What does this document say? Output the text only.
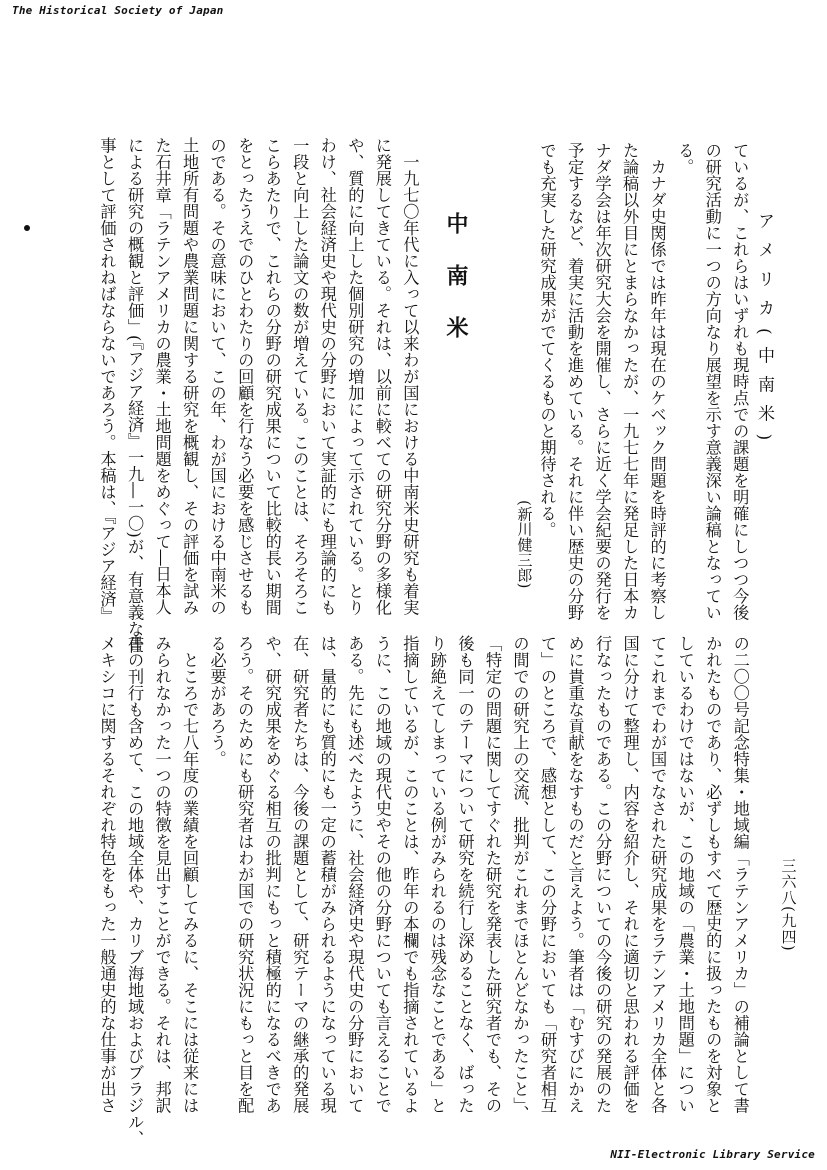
The Historical Society of Japan
NII-Electronic Library Service
アメリカ(中南米)
ているが、これらはいずれも現時点での課題を明確にしつつ今後
の研究活動に一つの方向なり展望を示す意義深い論稿となってい
る。
　カナダ史関係では昨年は現在のケベック問題を時評的に考察し
た論稿以外目にとまらなかったが、一九七七年に発足した日本カ
ナダ学会は年次研究大会を開催し、さらに近く学会紀要の発行を
予定するなど、着実に活動を進めている。それに伴い歴史の分野
でも充実した研究成果がでてくるものと期待される。
(新川健三郎)
中　南　米
　一九七〇年代に入って以来わが国における中南米史研究も着実
に発展してきている。それは、以前に較べての研究分野の多様化
や、質的に向上した個別研究の増加によって示されている。とり
わけ、社会経済史や現代史の分野において実証的にも理論的にも
一段と向上した論文の数が増えている。このことは、そろそろこ
こらあたりで、これらの分野の研究成果について比較的長い期間
をとったうえでのひとわたりの回顧を行なう必要を感じさせるも
のである。その意味において、この年、わが国における中南米の
土地所有問題や農業問題に関する研究を概観し、その評価を試み
た石井章「ラテンアメリカの農業・土地問題をめぐって―日本人
による研究の概観と評価」(『アジア経済』一九―一〇)が、有意義な仕
事として評価されねばならないであろう。本稿は、『アジア経済』
三六八(九四)
の二〇〇号記念特集・地域編「ラテンアメリカ」の補論として書
かれたものであり、必ずしもすべて歴史的に扱ったものを対象と
しているわけではないが、この地域の「農業・土地問題」につい
てこれまでわが国でなされた研究成果をラテンアメリカ全体と各
国に分けて整理し、内容を紹介し、それに適切と思われる評価を
行なったものである。この分野についての今後の研究の発展のた
めに貴重な貢献をなすものだと言えよう。筆者は「むすびにかえ
て」のところで、感想として、この分野においても「研究者相互
の間での研究上の交流、批判がこれまでほとんどなかったこと」、
「特定の問題に関してすぐれた研究を発表した研究者でも、その
後も同一のテーマについて研究を続行し深めることなく、ばった
り跡絶えてしまっている例がみられるのは残念なことである」と
指摘しているが、このことは、昨年の本欄でも指摘されているよ
うに、この地域の現代史やその他の分野についても言えることで
ある。先にも述べたように、社会経済史や現代史の分野において
は、量的にも質的にも一定の蓄積がみられるようになっている現
在、研究者たちは、今後の課題として、研究テーマの継承的発展
や、研究成果をめぐる相互の批判にもっと積極的になるべきであ
ろう。そのためにも研究者はわが国での研究状況にもっと目を配
る必要があろう。
　ところで七八年度の業績を回顧してみるに、そこには従来には
みられなかった一つの特徴を見出すことができる。それは、邦訳
書の刊行も含めて、この地域全体や、カリブ海地域およびブラジル、
メキシコに関するそれぞれ特色をもった一般通史的な仕事が出さ
